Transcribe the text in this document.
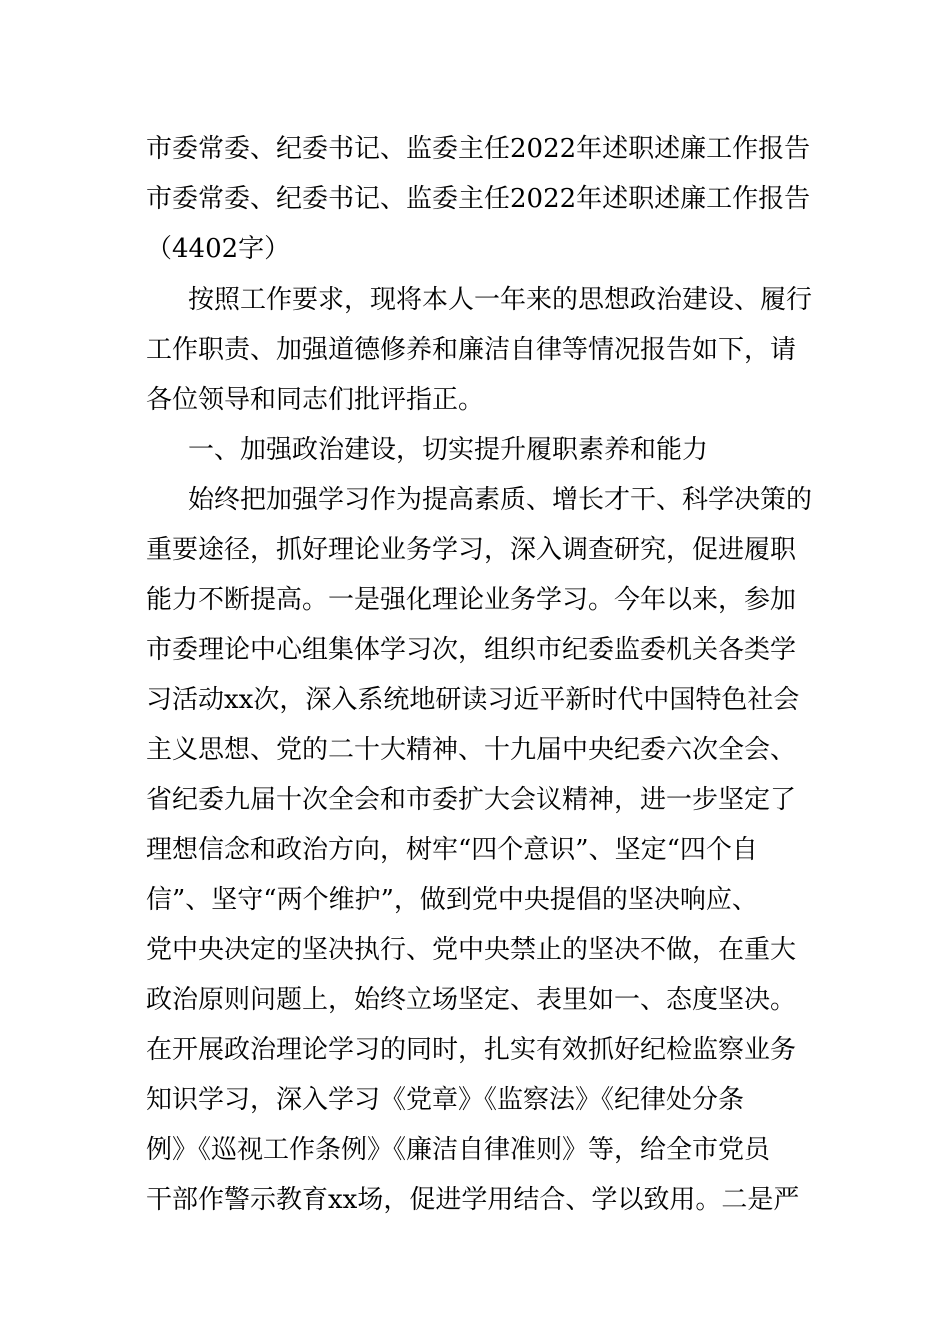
市委常委、纪委书记、监委主任2022年述职述廉工作报告
市委常委、纪委书记、监委主任2022年述职述廉工作报告
（4402字）
按照工作要求，现将本人一年来的思想政治建设、履行
工作职责、加强道德修养和廉洁自律等情况报告如下，请
各位领导和同志们批评指正。
一、加强政治建设，切实提升履职素养和能力
始终把加强学习作为提高素质、增长才干、科学决策的
重要途径，抓好理论业务学习，深入调查研究，促进履职
能力不断提高。一是强化理论业务学习。今年以来，参加
市委理论中心组集体学习次，组织市纪委监委机关各类学
习活动xx次，深入系统地研读习近平新时代中国特色社会
主义思想、党的二十大精神、十九届中央纪委六次全会、
省纪委九届十次全会和市委扩大会议精神，进一步坚定了
理想信念和政治方向，树牢“四个意识”、坚定“四个自
信”、坚守“两个维护”，做到党中央提倡的坚决响应、
党中央决定的坚决执行、党中央禁止的坚决不做，在重大
政治原则问题上，始终立场坚定、表里如一、态度坚决。
在开展政治理论学习的同时，扎实有效抓好纪检监察业务
知识学习，深入学习《党章》《监察法》《纪律处分条
例》《巡视工作条例》《廉洁自律准则》等，给全市党员
干部作警示教育xx场，促进学用结合、学以致用。二是严
